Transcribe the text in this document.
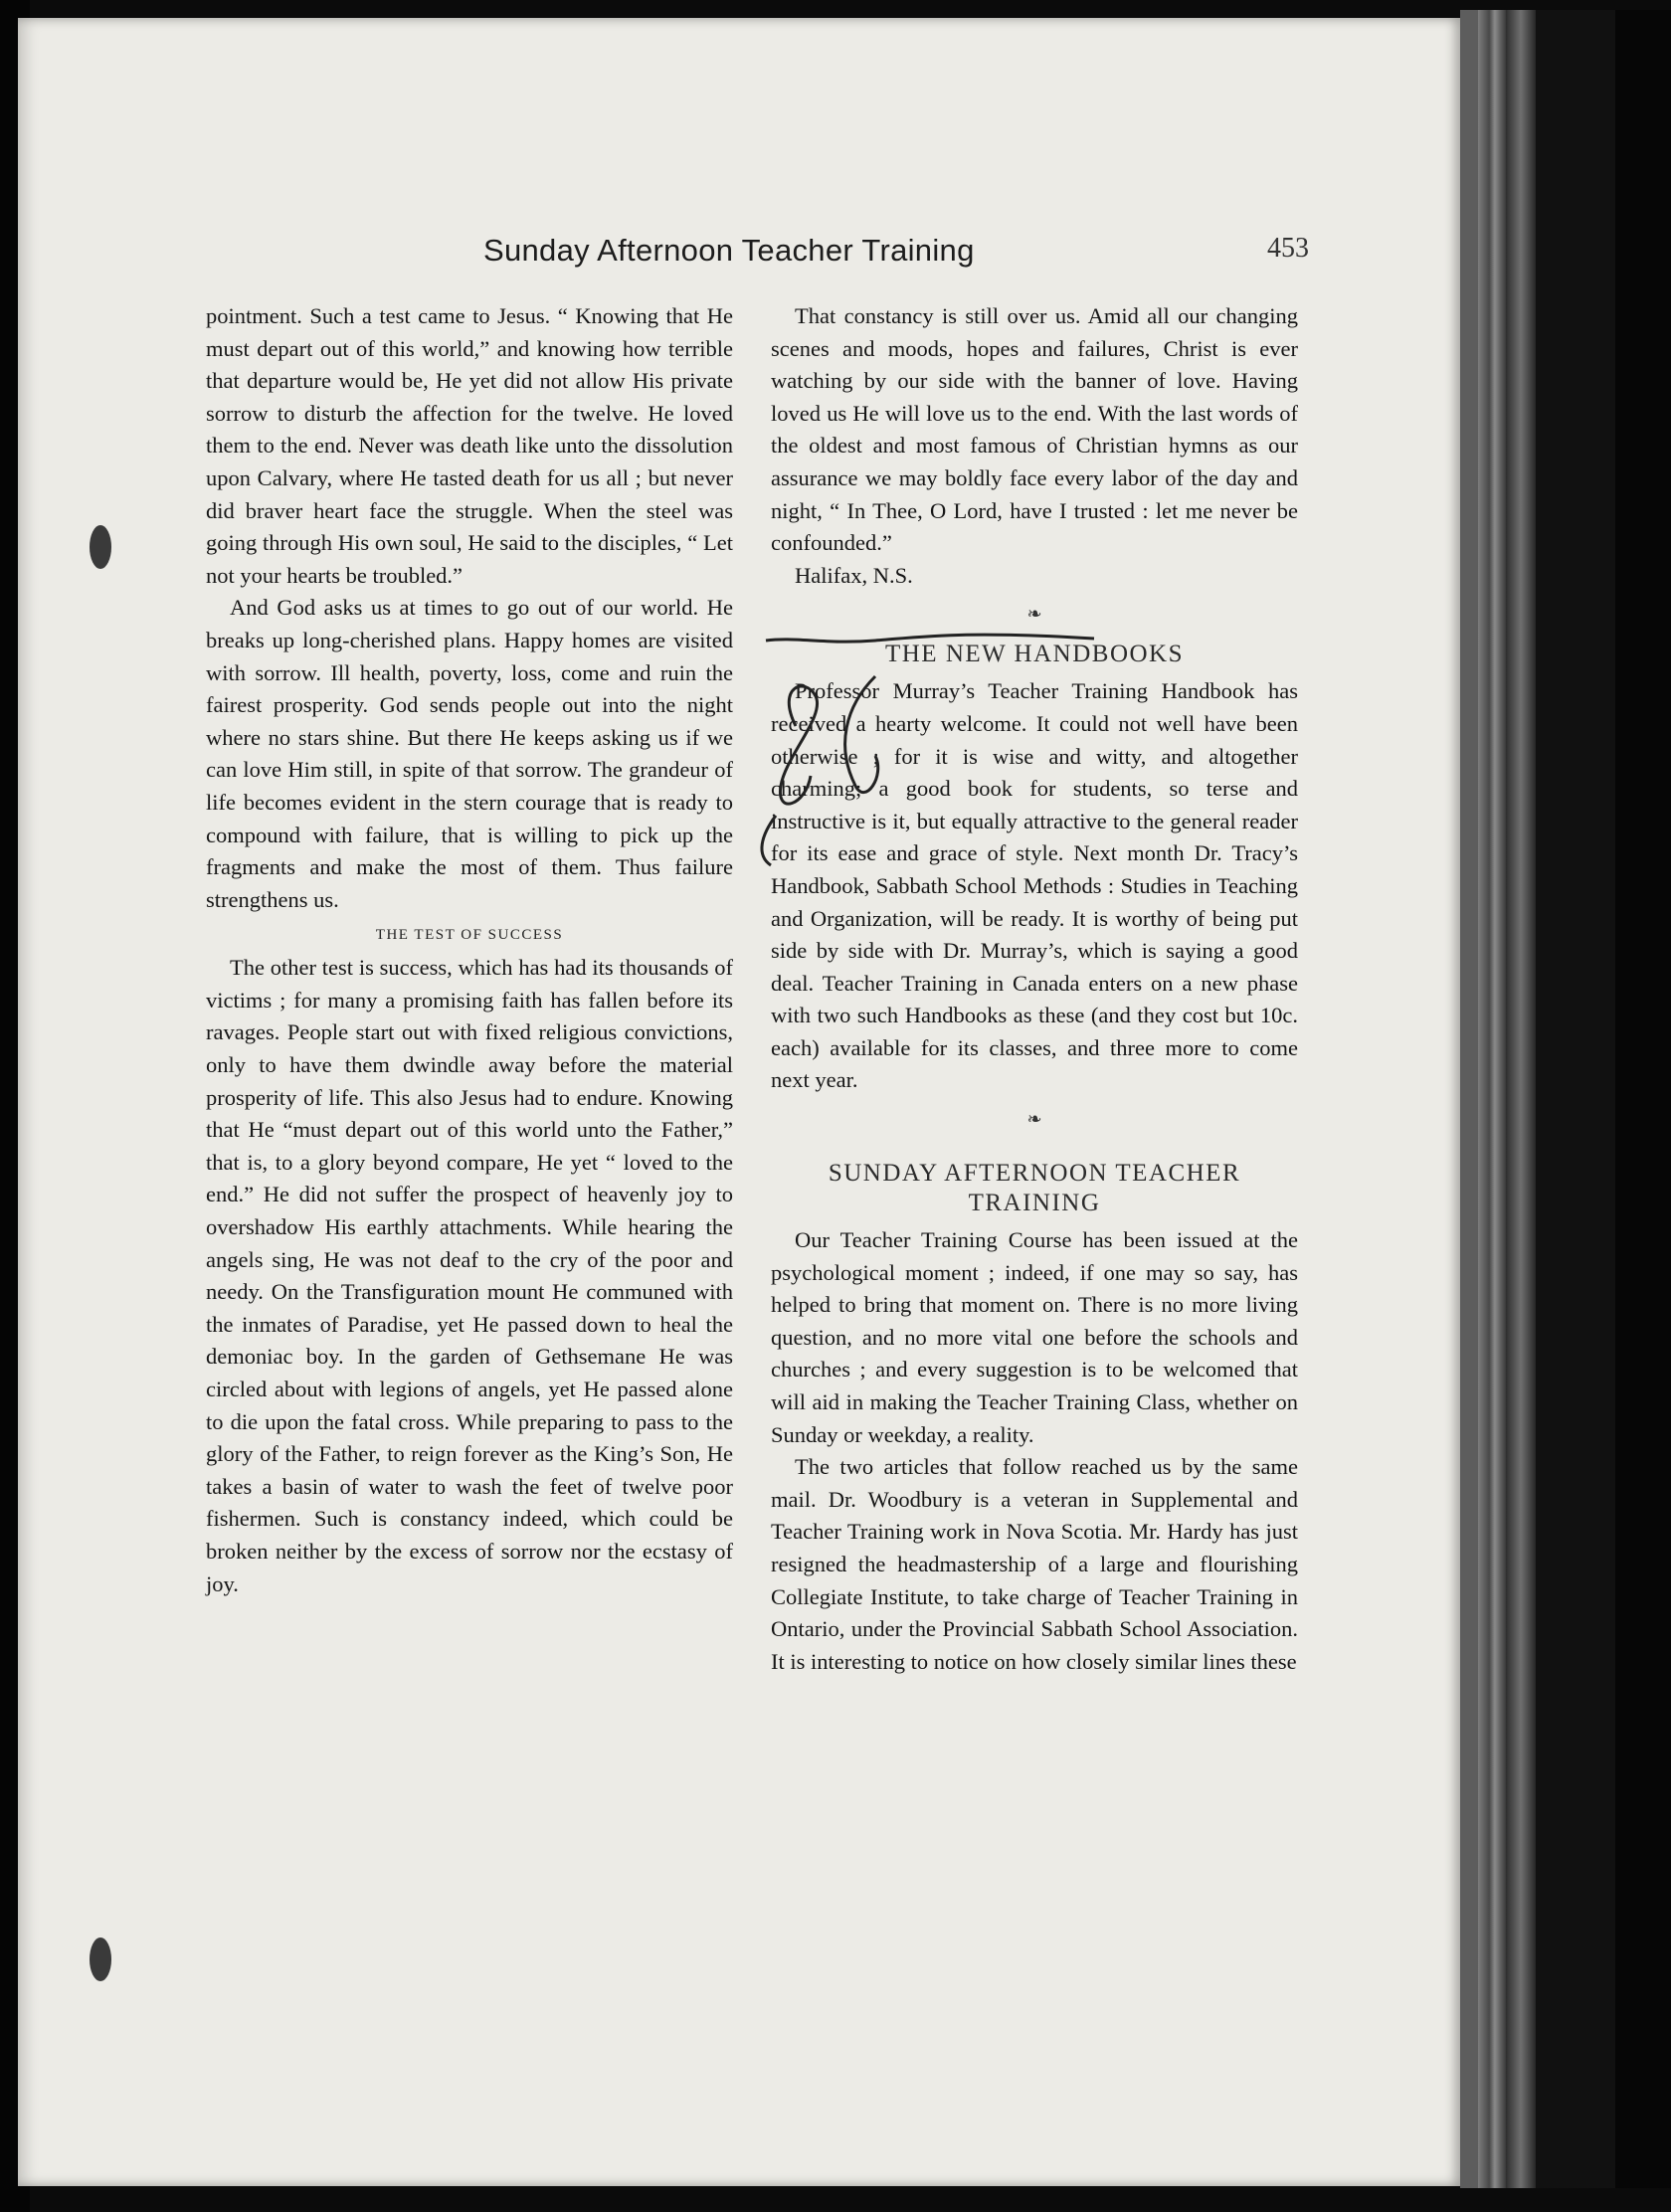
Sunday Afternoon Teacher Training	453

pointment. Such a test came to Jesus. “ Knowing that He must depart out of this world,” and knowing how terrible that departure would be, He yet did not allow His private sorrow to disturb the affection for the twelve. He loved them to the end. Never was death like unto the dissolution upon Calvary, where He tasted death for us all ; but never did braver heart face the struggle. When the steel was going through His own soul, He said to the disciples, “ Let not your hearts be troubled.”

And God asks us at times to go out of our world. He breaks up long-cherished plans. Happy homes are visited with sorrow. Ill health, poverty, loss, come and ruin the fairest prosperity. God sends people out into the night where no stars shine. But there He keeps asking us if we can love Him still, in spite of that sorrow. The grandeur of life becomes evident in the stern courage that is ready to compound with failure, that is willing to pick up the fragments and make the most of them. Thus failure strengthens us.

THE TEST OF SUCCESS

The other test is success, which has had its thousands of victims ; for many a promising faith has fallen before its ravages. People start out with fixed religious convictions, only to have them dwindle away before the material prosperity of life. This also Jesus had to endure. Knowing that He “must depart out of this world unto the Father,” that is, to a glory beyond compare, He yet “ loved to the end.” He did not suffer the prospect of heavenly joy to overshadow His earthly attachments. While hearing the angels sing, He was not deaf to the cry of the poor and needy. On the Transfiguration mount He communed with the inmates of Paradise, yet He passed down to heal the demoniac boy. In the garden of Gethsemane He was circled about with legions of angels, yet He passed alone to die upon the fatal cross. While preparing to pass to the glory of the Father, to reign forever as the King’s Son, He takes a basin of water to wash the feet of twelve poor fishermen. Such is constancy indeed, which could be broken neither by the excess of sorrow nor the ecstasy of joy.

That constancy is still over us. Amid all our changing scenes and moods, hopes and failures, Christ is ever watching by our side with the banner of love. Having loved us He will love us to the end. With the last words of the oldest and most famous of Christian hymns as our assurance we may boldly face every labor of the day and night, “ In Thee, O Lord, have I trusted : let me never be confounded.”

Halifax, N.S.

❧
THE NEW HANDBOOKS

Professor Murray’s Teacher Training Handbook has received a hearty welcome. It could not well have been otherwise ; for it is wise and witty, and altogether charming; a good book for students, so terse and instructive is it, but equally attractive to the general reader for its ease and grace of style. Next month Dr. Tracy’s Handbook, Sabbath School Methods : Studies in Teaching and Organization, will be ready. It is worthy of being put side by side with Dr. Murray’s, which is saying a good deal. Teacher Training in Canada enters on a new phase with two such Handbooks as these (and they cost but 10c. each) available for its classes, and three more to come next year.

❧
SUNDAY AFTERNOON TEACHER
TRAINING

Our Teacher Training Course has been issued at the psychological moment ; indeed, if one may so say, has helped to bring that moment on. There is no more living question, and no more vital one before the schools and churches ; and every suggestion is to be welcomed that will aid in making the Teacher Training Class, whether on Sunday or weekday, a reality.

The two articles that follow reached us by the same mail. Dr. Woodbury is a veteran in Supplemental and Teacher Training work in Nova Scotia. Mr. Hardy has just resigned the headmastership of a large and flourishing Collegiate Institute, to take charge of Teacher Training in Ontario, under the Provincial Sabbath School Association. It is interesting to notice on how closely similar lines these
